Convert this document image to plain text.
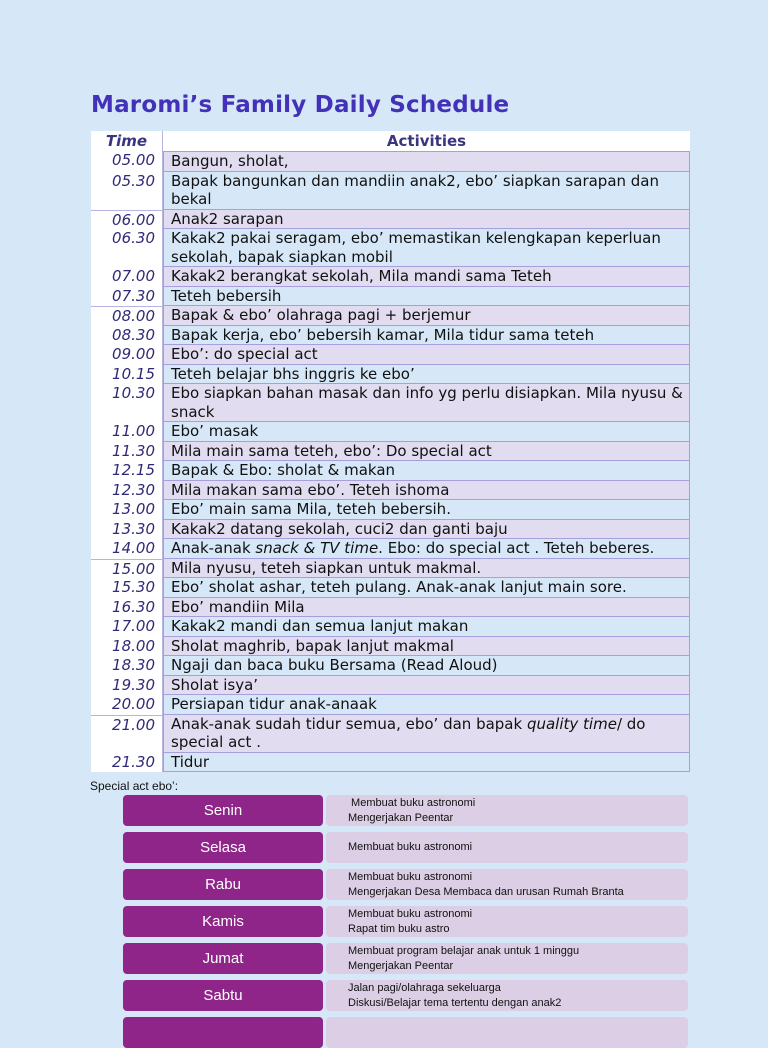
Maromi’s Family Daily Schedule
Time	Activities
05.00	Bangun, sholat,
05.30	Bapak bangunkan dan mandiin anak2, ebo’ siapkan sarapan dan bekal
06.00	Anak2 sarapan
06.30	Kakak2 pakai seragam, ebo’ memastikan kelengkapan keperluan sekolah, bapak siapkan mobil
07.00	Kakak2 berangkat sekolah, Mila mandi sama Teteh
07.30	Teteh bebersih
08.00	Bapak & ebo’ olahraga pagi + berjemur
08.30	Bapak kerja, ebo’ bebersih kamar, Mila tidur sama teteh
09.00	Ebo’: do special act
10.15	Teteh belajar bhs inggris ke ebo’
10.30	Ebo siapkan bahan masak dan info yg perlu disiapkan. Mila nyusu & snack
11.00	Ebo’ masak
11.30	Mila main sama teteh, ebo’: Do special act
12.15	Bapak & Ebo: sholat & makan
12.30	Mila makan sama ebo’. Teteh ishoma
13.00	Ebo’ main sama Mila, teteh bebersih.
13.30	Kakak2 datang sekolah, cuci2 dan ganti baju
14.00	Anak-anak snack & TV time. Ebo: do special act . Teteh beberes.
15.00	Mila nyusu, teteh siapkan untuk makmal.
15.30	Ebo’ sholat ashar, teteh pulang. Anak-anak lanjut main sore.
16.30	Ebo’ mandiin Mila
17.00	Kakak2 mandi dan semua lanjut makan
18.00	Sholat maghrib, bapak lanjut makmal
18.30	Ngaji dan baca buku Bersama (Read Aloud)
19.30	Sholat isya’
20.00	Persiapan tidur anak-anaak
21.00	Anak-anak sudah tidur semua, ebo’ dan bapak quality time/ do special act .
21.30	Tidur
Special act ebo’:
Senin	Membuat buku astronomi
Mengerjakan Peentar
Selasa	Membuat buku astronomi
Rabu	Membuat buku astronomi
Mengerjakan Desa Membaca dan urusan Rumah Branta
Kamis	Membuat buku astronomi
Rapat tim buku astro
Jumat	Membuat program belajar anak untuk 1 minggu
Mengerjakan Peentar
Sabtu	Jalan pagi/olahraga sekeluarga
Diskusi/Belajar tema tertentu dengan anak2
